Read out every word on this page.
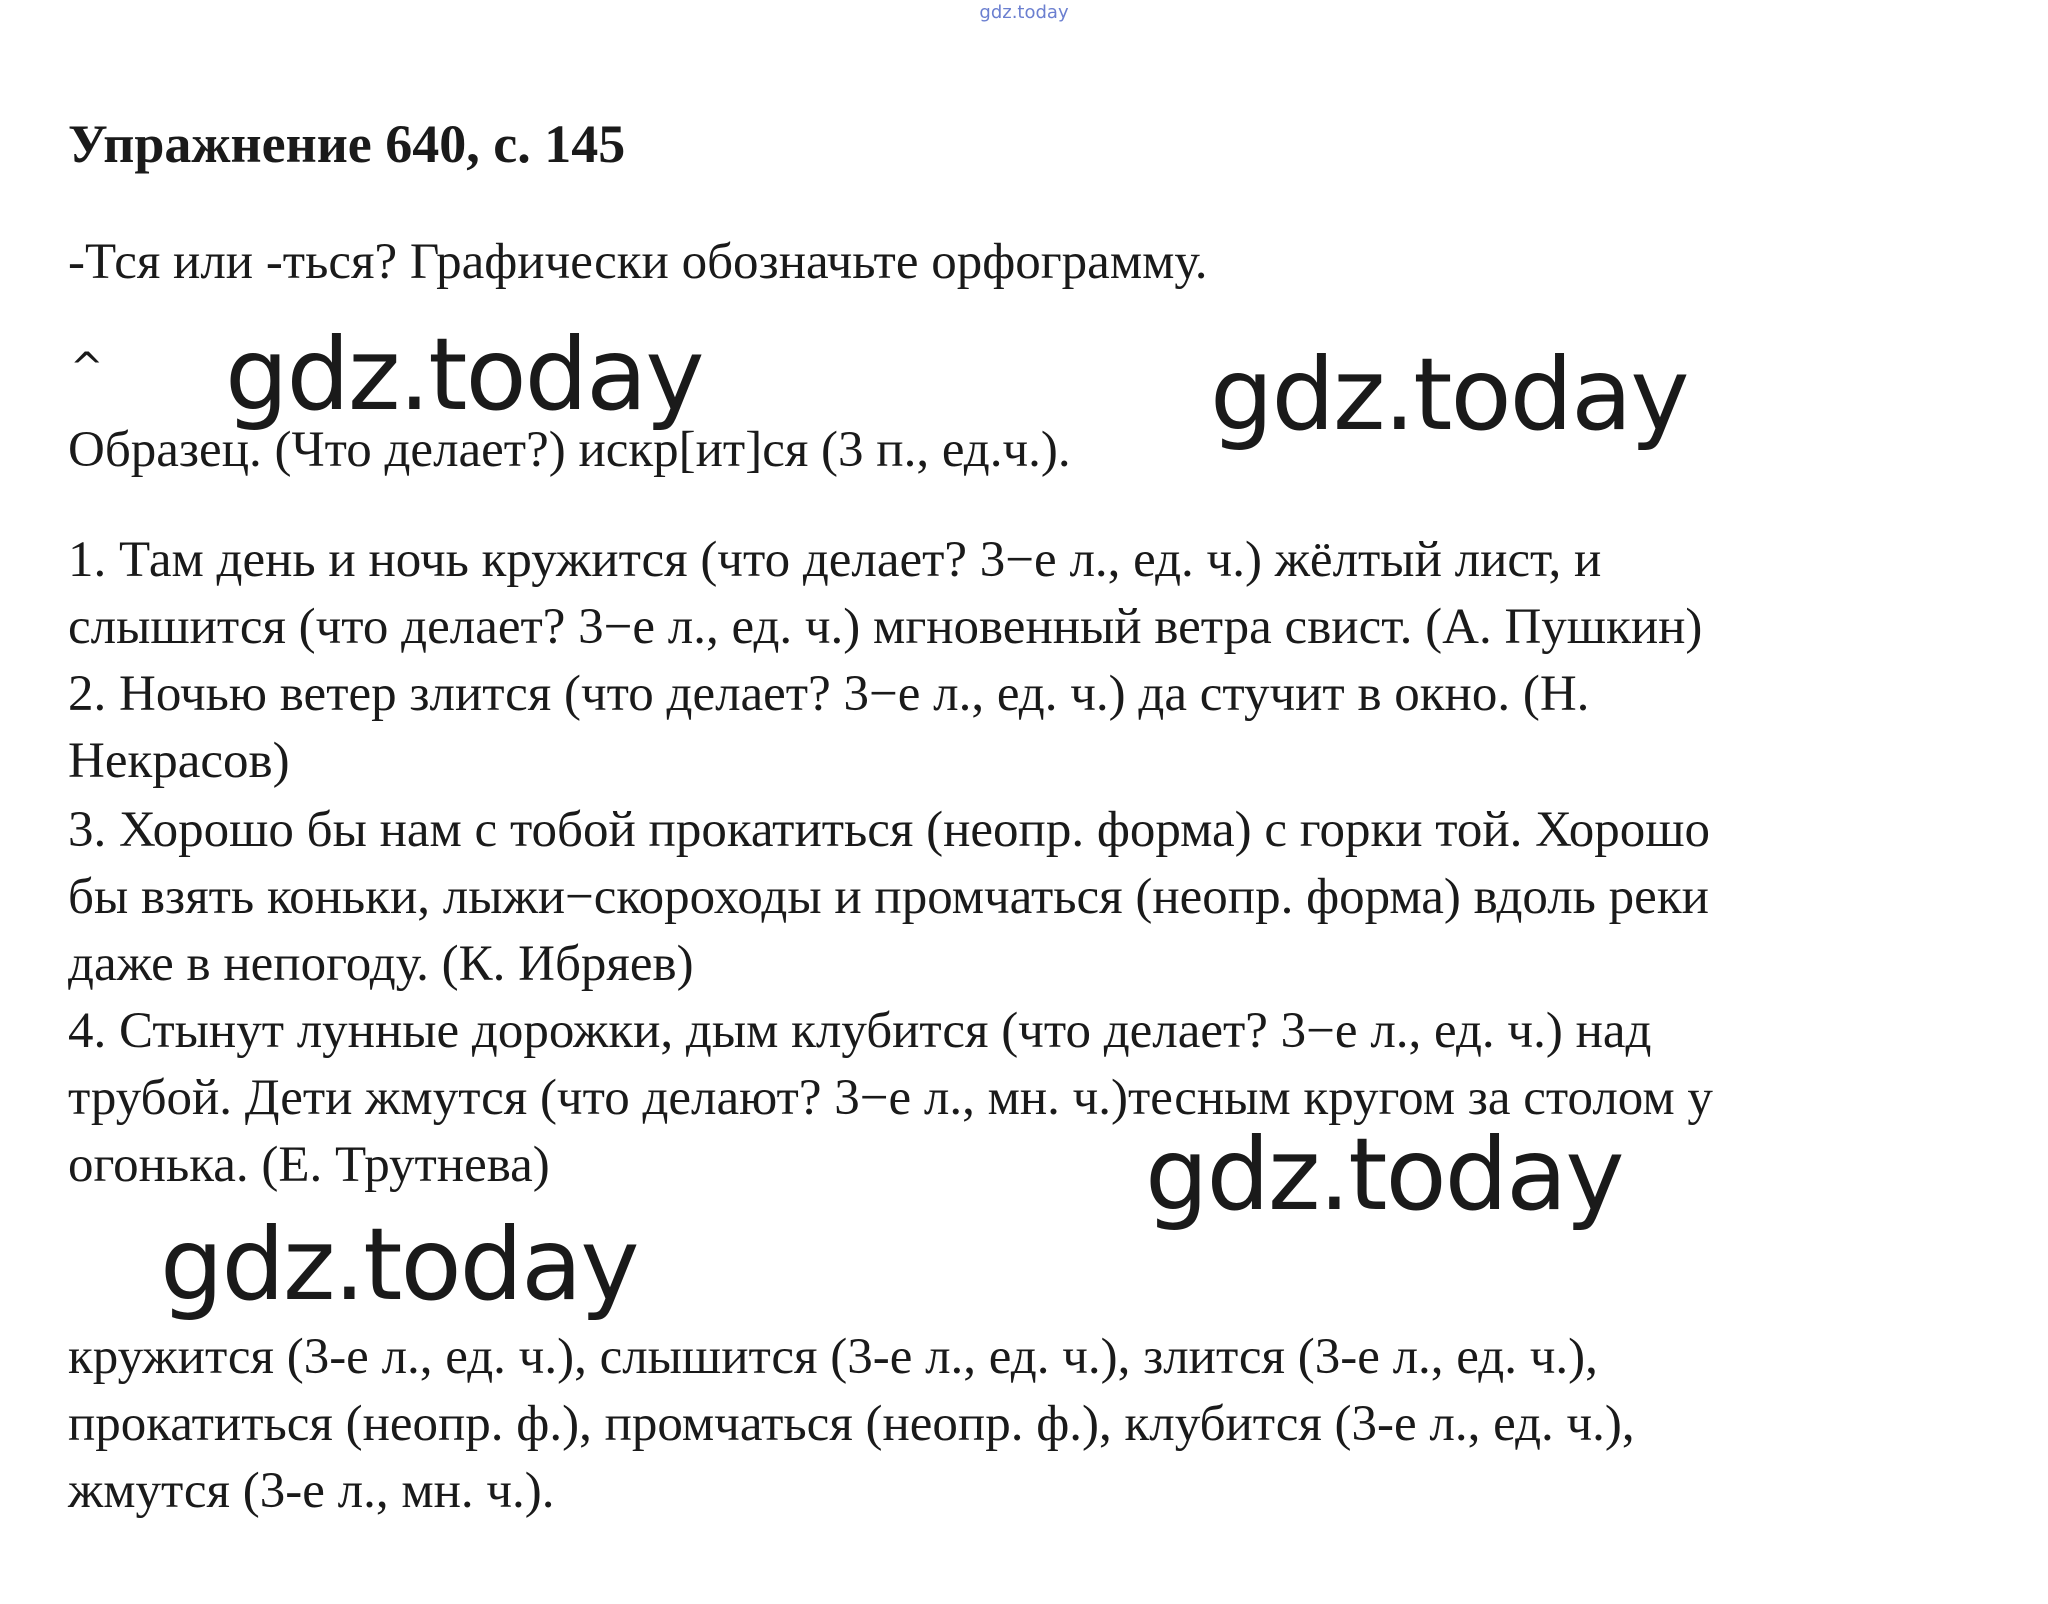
gdz.today
Упражнение 640, с. 145
-Тся или -ться? Графически обозначьте орфограмму.
^
Образец. (Что делает?) искр[ит]ся (3 п., ед.ч.).
1. Там день и ночь кружится (что делает? 3−е л., ед. ч.) жёлтый лист, и
слышится (что делает? 3−е л., ед. ч.) мгновенный ветра свист. (А. Пушкин)
2. Ночью ветер злится (что делает? 3−е л., ед. ч.) да стучит в окно. (Н.
Некрасов)
3. Хорошо бы нам с тобой прокатиться (неопр. форма) с горки той. Хорошо
бы взять коньки, лыжи−скороходы и промчаться (неопр. форма) вдоль реки
даже в непогоду. (К. Ибряев)
4. Стынут лунные дорожки, дым клубится (что делает? 3−е л., ед. ч.) над
трубой. Дети жмутся (что делают? 3−е л., мн. ч.)тесным кругом за столом у
огонька. (Е. Трутнева)
кружится (3-е л., ед. ч.), слышится (3-е л., ед. ч.), злится (3-е л., ед. ч.),
прокатиться (неопр. ф.), промчаться (неопр. ф.), клубится (3-е л., ед. ч.),
жмутся (3-е л., мн. ч.).
gdz.today	gdz.today
gdz.today
gdz.today
